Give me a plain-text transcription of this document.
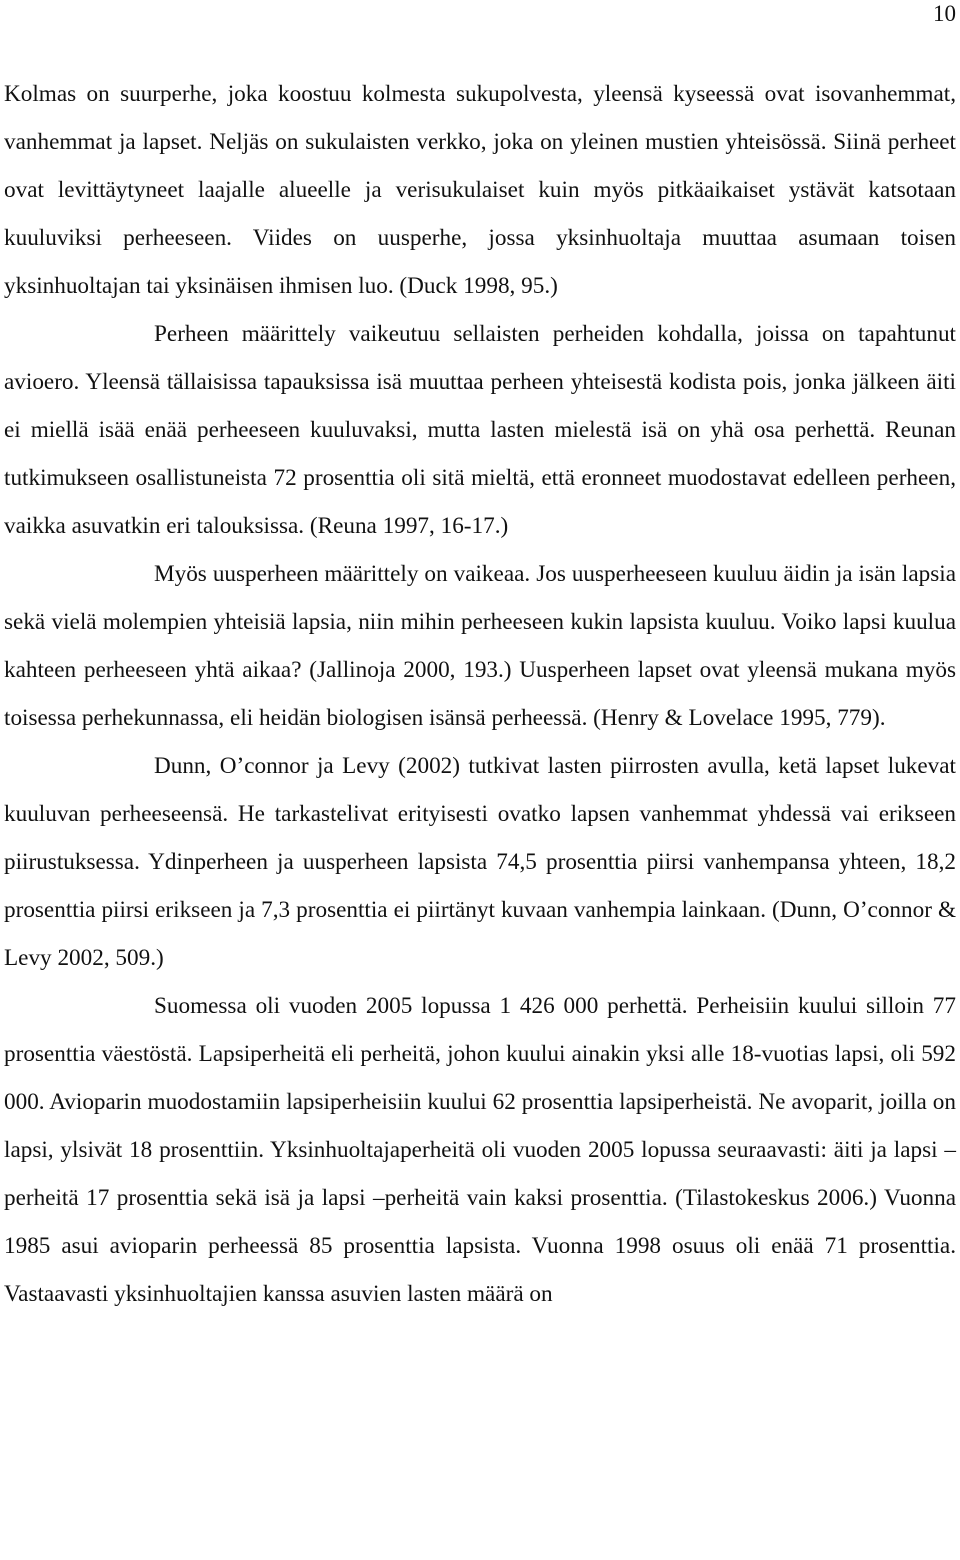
10

Kolmas on suurperhe, joka koostuu kolmesta sukupolvesta, yleensä kyseessä ovat isovanhemmat, vanhemmat ja lapset. Neljäs on sukulaisten verkko, joka on yleinen mustien yhteisössä. Siinä perheet ovat levittäytyneet laajalle alueelle ja verisukulaiset kuin myös pitkäaikaiset ystävät katsotaan kuuluviksi perheeseen. Viides on uusperhe, jossa yksinhuoltaja muuttaa asumaan toisen yksinhuoltajan tai yksinäisen ihmisen luo. (Duck 1998, 95.)

Perheen määrittely vaikeutuu sellaisten perheiden kohdalla, joissa on tapahtunut avioero. Yleensä tällaisissa tapauksissa isä muuttaa perheen yhteisestä kodista pois, jonka jälkeen äiti ei miellä isää enää perheeseen kuuluvaksi, mutta lasten mielestä isä on yhä osa perhettä. Reunan tutkimukseen osallistuneista 72 prosenttia oli sitä mieltä, että eronneet muodostavat edelleen perheen, vaikka asuvatkin eri talouksissa. (Reuna 1997, 16-17.)

Myös uusperheen määrittely on vaikeaa. Jos uusperheeseen kuuluu äidin ja isän lapsia sekä vielä molempien yhteisiä lapsia, niin mihin perheeseen kukin lapsista kuuluu. Voiko lapsi kuulua kahteen perheeseen yhtä aikaa? (Jallinoja 2000, 193.) Uusperheen lapset ovat yleensä mukana myös toisessa perhekunnassa, eli heidän biologisen isänsä perheessä. (Henry & Lovelace 1995, 779).

Dunn, O’connor ja Levy (2002) tutkivat lasten piirrosten avulla, ketä lapset lukevat kuuluvan perheeseensä. He tarkastelivat erityisesti ovatko lapsen vanhemmat yhdessä vai erikseen piirustuksessa. Ydinperheen ja uusperheen lapsista 74,5 prosenttia piirsi vanhempansa yhteen, 18,2 prosenttia piirsi erikseen ja 7,3 prosenttia ei piirtänyt kuvaan vanhempia lainkaan. (Dunn, O’connor & Levy 2002, 509.)

Suomessa oli vuoden 2005 lopussa 1 426 000 perhettä. Perheisiin kuului silloin 77 prosenttia väestöstä. Lapsiperheitä eli perheitä, johon kuului ainakin yksi alle 18-vuotias lapsi, oli 592 000. Avioparin muodostamiin lapsiperheisiin kuului 62 prosenttia lapsiperheistä. Ne avoparit, joilla on lapsi, ylsivät 18 prosenttiin. Yksinhuoltajaperheitä oli vuoden 2005 lopussa seuraavasti: äiti ja lapsi –perheitä 17 prosenttia sekä isä ja lapsi –perheitä vain kaksi prosenttia. (Tilastokeskus 2006.) Vuonna 1985 asui avioparin perheessä 85 prosenttia lapsista. Vuonna 1998 osuus oli enää 71 prosenttia. Vastaavasti yksinhuoltajien kanssa asuvien lasten määrä on
